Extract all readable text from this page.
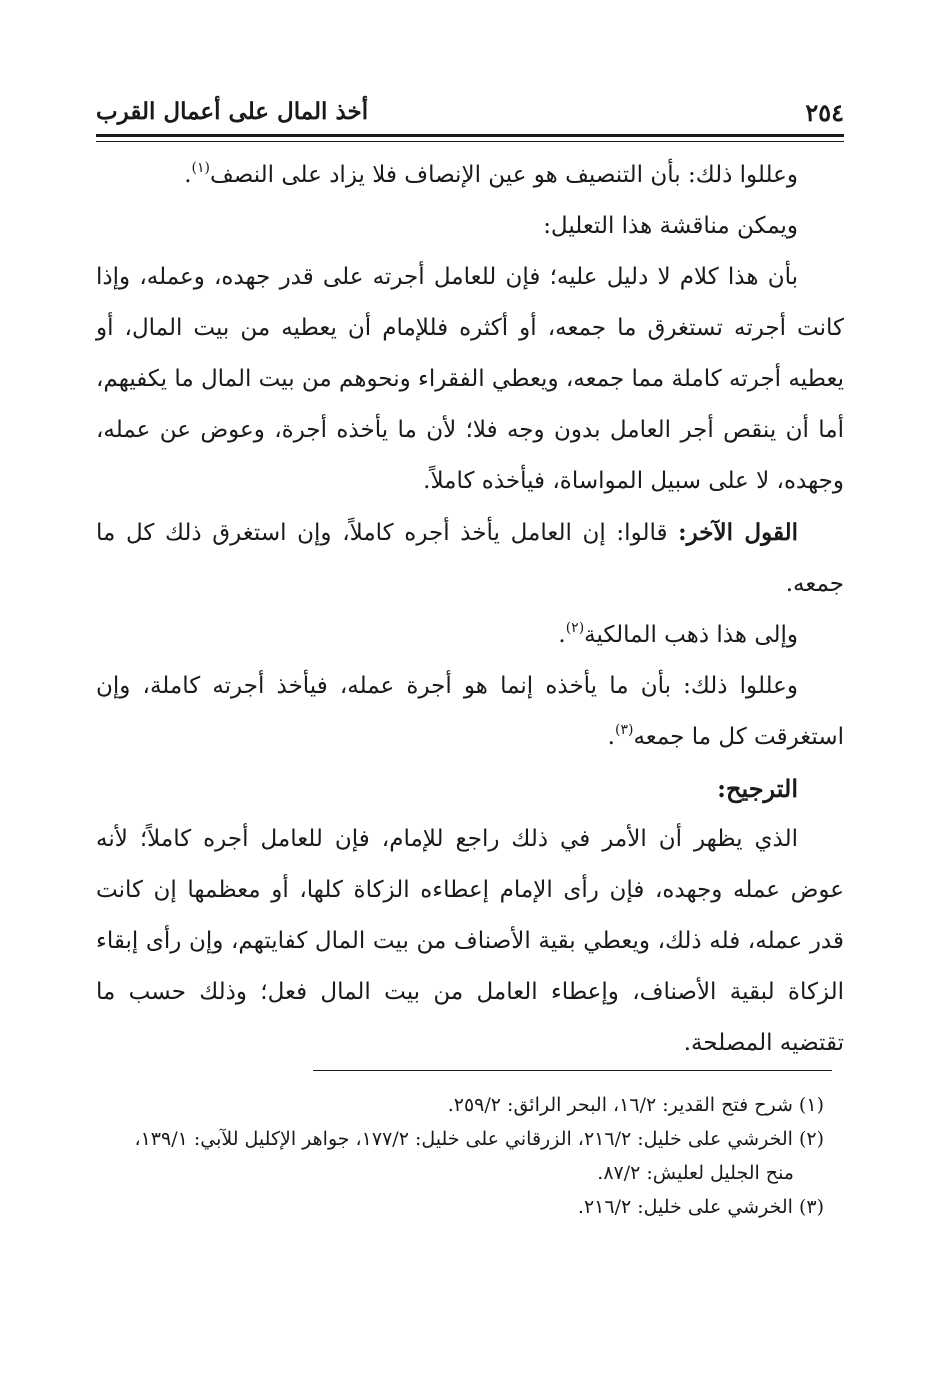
٢٥٤
أخذ المال على أعمال القرب

وعللوا ذلك: بأن التنصيف هو عين الإنصاف فلا يزاد على النصف$^{(١)}$.

ويمكن مناقشة هذا التعليل:

بأن هذا كلام لا دليل عليه؛ فإن للعامل أجرته على قدر جهده، وعمله، وإذا كانت أجرته تستغرق ما جمعه، أو أكثره فللإمام أن يعطيه من بيت المال، أو يعطيه أجرته كاملة مما جمعه، ويعطي الفقراء ونحوهم من بيت المال ما يكفيهم، أما أن ينقص أجر العامل بدون وجه فلا؛ لأن ما يأخذه أجرة، وعوض عن عمله، وجهده، لا على سبيل المواساة، فيأخذه كاملاً.

القول الآخر: قالوا: إن العامل يأخذ أجره كاملاً، وإن استغرق ذلك كل ما جمعه.

وإلى هذا ذهب المالكية$^{(٢)}$.

وعللوا ذلك: بأن ما يأخذه إنما هو أجرة عمله، فيأخذ أجرته كاملة، وإن استغرقت كل ما جمعه$^{(٣)}$.

الترجيح:

الذي يظهر أن الأمر في ذلك راجع للإمام، فإن للعامل أجره كاملاً؛ لأنه عوض عمله وجهده، فإن رأى الإمام إعطاءه الزكاة كلها، أو معظمها إن كانت قدر عمله، فله ذلك، ويعطي بقية الأصناف من بيت المال كفايتهم، وإن رأى إبقاء الزكاة لبقية الأصناف، وإعطاء العامل من بيت المال فعل؛ وذلك حسب ما تقتضيه المصلحة.

(١) شرح فتح القدير: ١٦/٢، البحر الرائق: ٢٥٩/٢.

(٢) الخرشي على خليل: ٢١٦/٢، الزرقاني على خليل: ١٧٧/٢، جواهر الإكليل للآبي: ١٣٩/١،

منح الجليل لعليش: ٨٧/٢.

(٣) الخرشي على خليل: ٢١٦/٢.
